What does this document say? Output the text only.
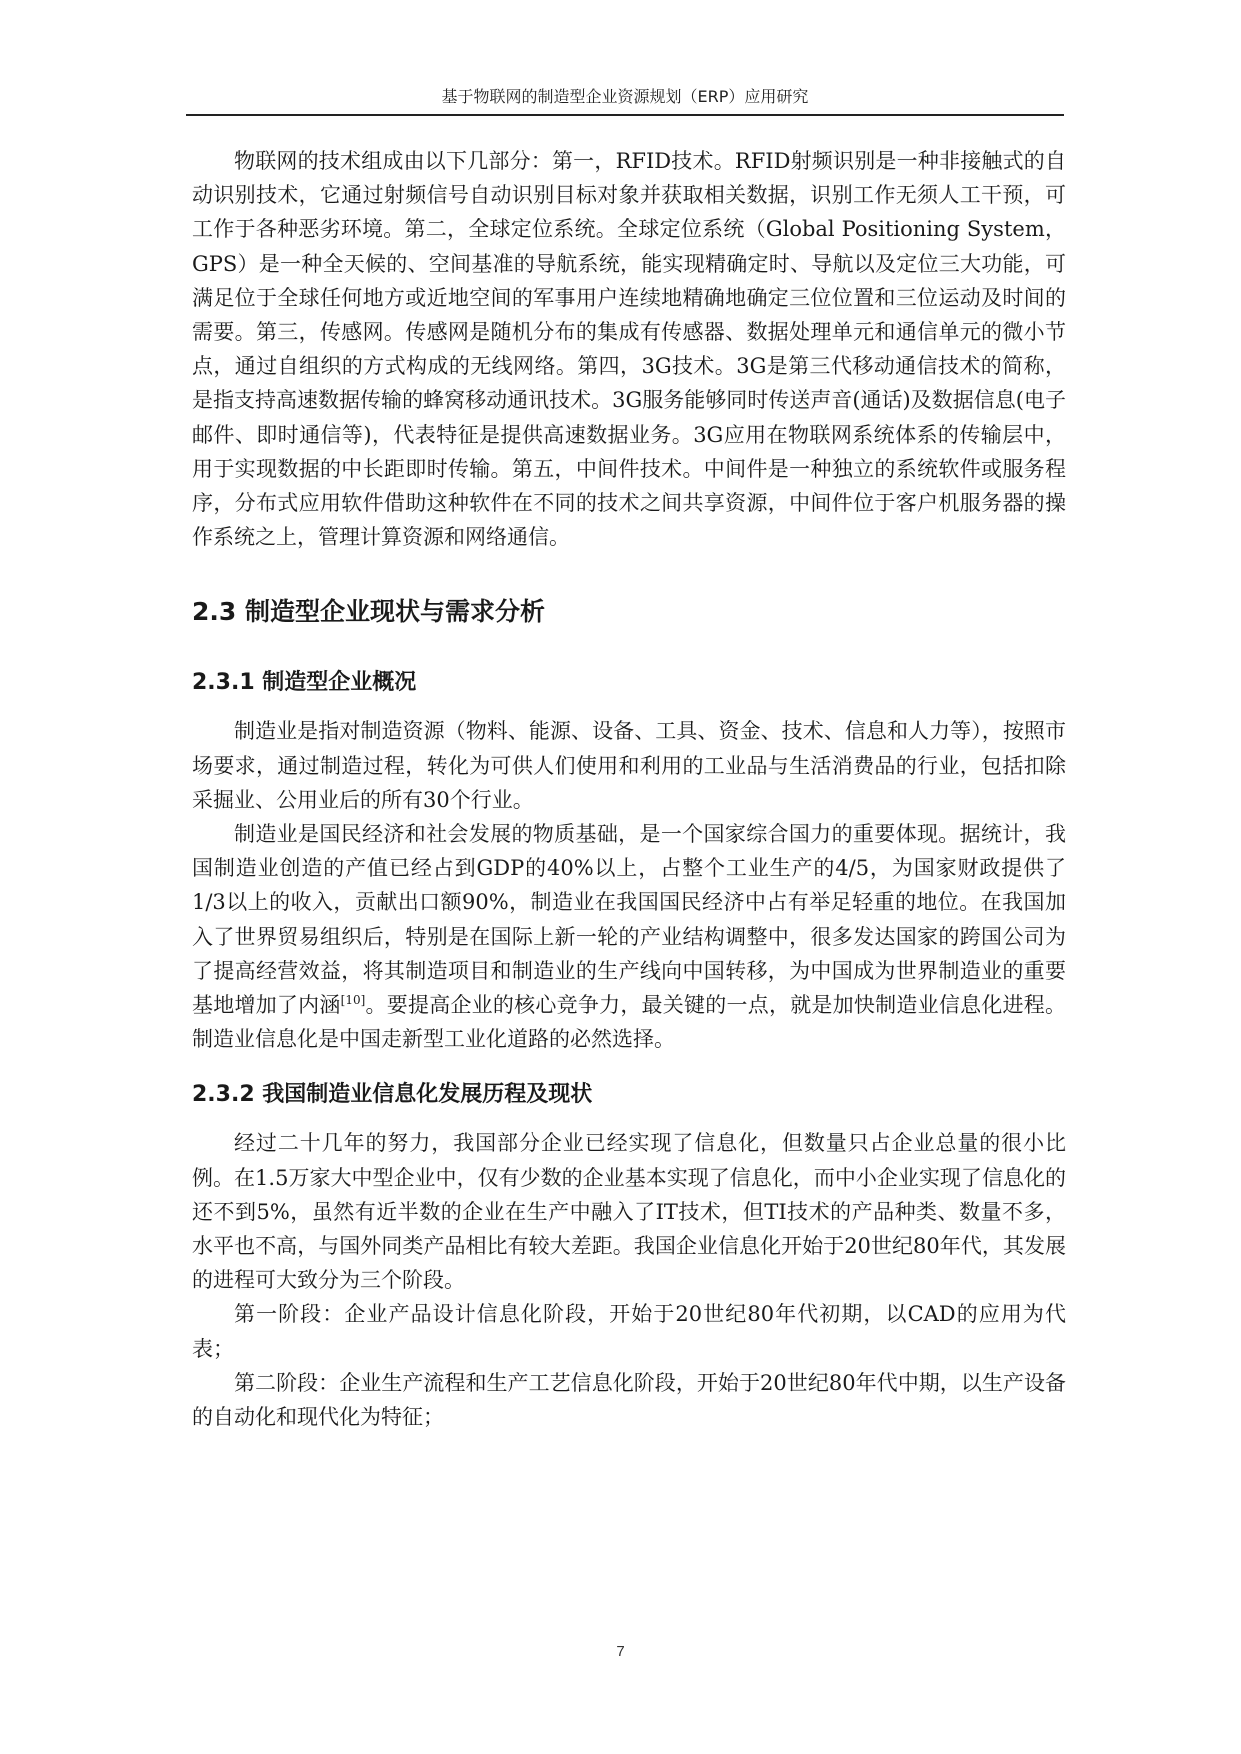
基于物联网的制造型企业资源规划（ERP）应用研究

物联网的技术组成由以下几部分：第一，RFID技术。RFID射频识别是一种非接触式的自动识别技术，它通过射频信号自动识别目标对象并获取相关数据，识别工作无须人工干预，可工作于各种恶劣环境。第二，全球定位系统。全球定位系统（Global Positioning System，GPS）是一种全天候的、空间基准的导航系统，能实现精确定时、导航以及定位三大功能，可满足位于全球任何地方或近地空间的军事用户连续地精确地确定三位位置和三位运动及时间的需要。第三，传感网。传感网是随机分布的集成有传感器、数据处理单元和通信单元的微小节点，通过自组织的方式构成的无线网络。第四，3G技术。3G是第三代移动通信技术的简称，是指支持高速数据传输的蜂窝移动通讯技术。3G服务能够同时传送声音(通话)及数据信息(电子邮件、即时通信等)，代表特征是提供高速数据业务。3G应用在物联网系统体系的传输层中，用于实现数据的中长距即时传输。第五，中间件技术。中间件是一种独立的系统软件或服务程序，分布式应用软件借助这种软件在不同的技术之间共享资源，中间件位于客户机服务器的操作系统之上，管理计算资源和网络通信。

2.3 制造型企业现状与需求分析
2.3.1 制造型企业概况

制造业是指对制造资源（物料、能源、设备、工具、资金、技术、信息和人力等），按照市场要求，通过制造过程，转化为可供人们使用和利用的工业品与生活消费品的行业，包括扣除采掘业、公用业后的所有30个行业。

制造业是国民经济和社会发展的物质基础，是一个国家综合国力的重要体现。据统计，我国制造业创造的产值已经占到GDP的40%以上，占整个工业生产的4/5，为国家财政提供了1/3以上的收入，贡献出口额90%，制造业在我国国民经济中占有举足轻重的地位。在我国加入了世界贸易组织后，特别是在国际上新一轮的产业结构调整中，很多发达国家的跨国公司为了提高经营效益，将其制造项目和制造业的生产线向中国转移，为中国成为世界制造业的重要基地增加了内涵[10]。要提高企业的核心竞争力，最关键的一点，就是加快制造业信息化进程。制造业信息化是中国走新型工业化道路的必然选择。

2.3.2 我国制造业信息化发展历程及现状

经过二十几年的努力，我国部分企业已经实现了信息化，但数量只占企业总量的很小比例。在1.5万家大中型企业中，仅有少数的企业基本实现了信息化，而中小企业实现了信息化的还不到5%，虽然有近半数的企业在生产中融入了IT技术，但TI技术的产品种类、数量不多，水平也不高，与国外同类产品相比有较大差距。我国企业信息化开始于20世纪80年代，其发展的进程可大致分为三个阶段。

第一阶段：企业产品设计信息化阶段，开始于20世纪80年代初期，以CAD的应用为代表；

第二阶段：企业生产流程和生产工艺信息化阶段，开始于20世纪80年代中期，以生产设备的自动化和现代化为特征；

7
